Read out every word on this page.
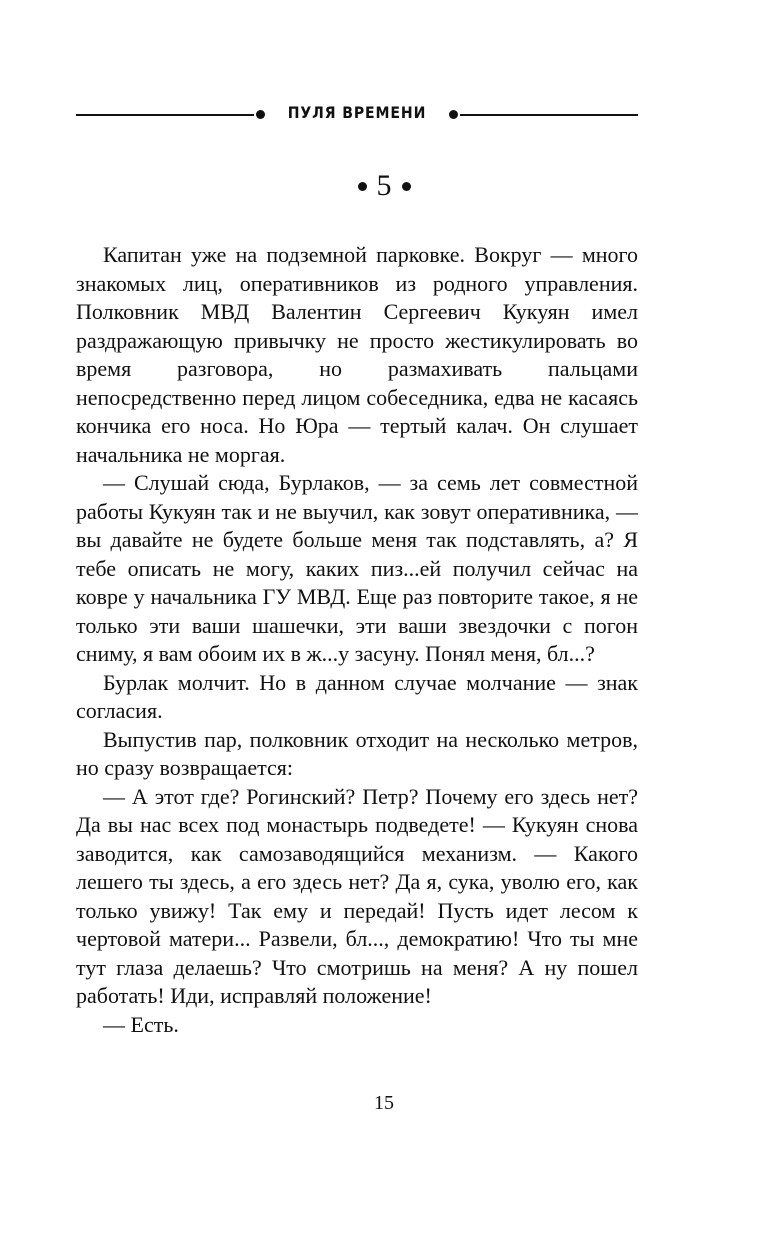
ПУЛЯ ВРЕМЕНИ
5

Капитан уже на подземной парковке. Вокруг — много знакомых лиц, оперативников из родного управления. Полковник МВД Валентин Сергеевич Кукуян имел раздражающую привычку не просто жестикулировать во время разговора, но размахивать пальцами непосредственно перед лицом собеседника, едва не касаясь кончика его носа. Но Юра — тертый калач. Он слушает начальника не моргая.

— Слушай сюда, Бурлаков, — за семь лет совместной работы Кукуян так и не выучил, как зовут оперативника, — вы давайте не будете больше меня так подставлять, а? Я тебе описать не могу, каких пиз...ей получил сейчас на ковре у начальника ГУ МВД. Еще раз повторите такое, я не только эти ваши шашечки, эти ваши звездочки с погон сниму, я вам обоим их в ж...у засуну. Понял меня, бл...?

Бурлак молчит. Но в данном случае молчание — знак согласия.

Выпустив пар, полковник отходит на несколько метров, но сразу возвращается:

— А этот где? Рогинский? Петр? Почему его здесь нет? Да вы нас всех под монастырь подведете! — Кукуян снова заводится, как самозаводящийся механизм. — Какого лешего ты здесь, а его здесь нет? Да я, сука, уволю его, как только увижу! Так ему и передай! Пусть идет лесом к чертовой матери... Развели, бл..., демократию! Что ты мне тут глаза делаешь? Что смотришь на меня? А ну пошел работать! Иди, исправляй положение!

— Есть.

15
